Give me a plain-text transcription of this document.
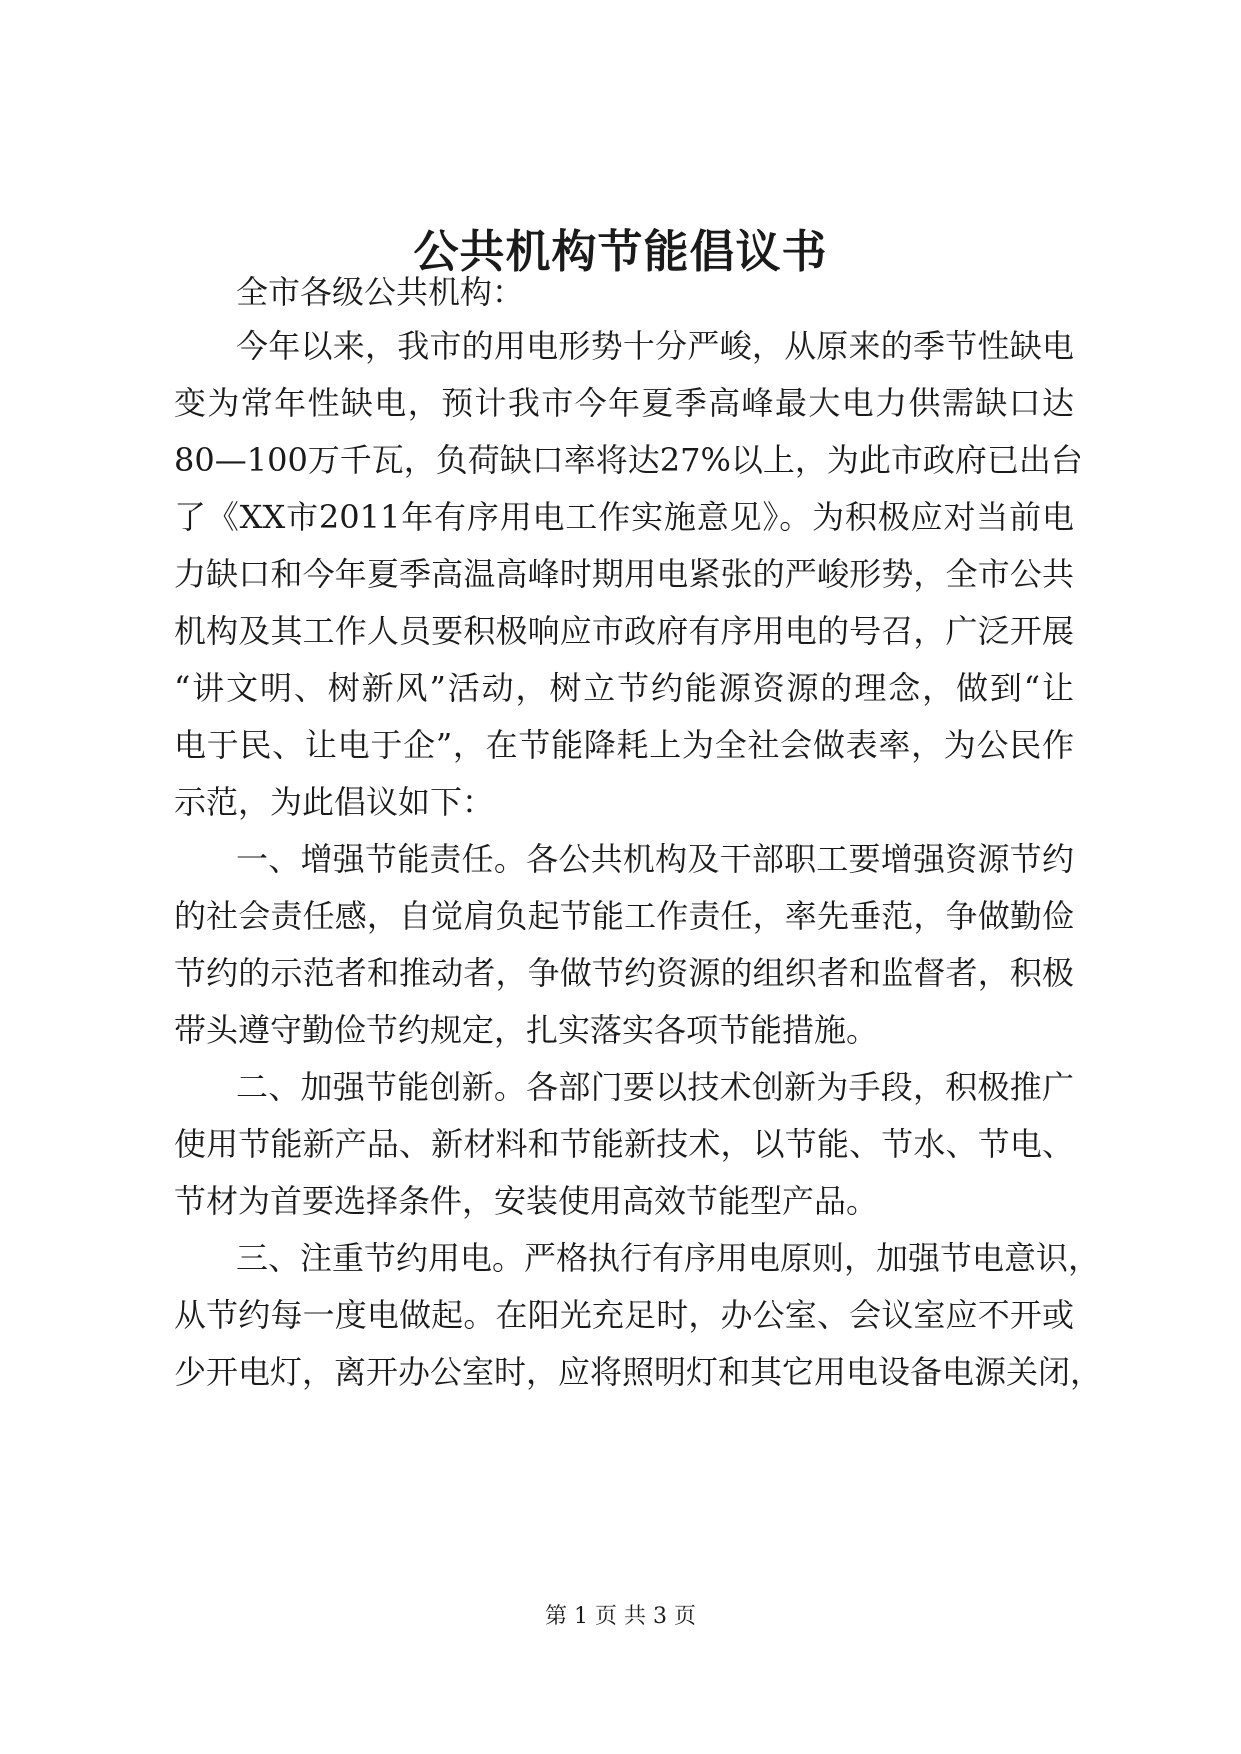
公共机构节能倡议书

全市各级公共机构：

今年以来，我市的用电形势十分严峻，从原来的季节性缺电

变为常年性缺电，预计我市今年夏季高峰最大电力供需缺口达

80—100万千瓦，负荷缺口率将达27%以上，为此市政府已出台

了《XX市2011年有序用电工作实施意见》。为积极应对当前电

力缺口和今年夏季高温高峰时期用电紧张的严峻形势，全市公共

机构及其工作人员要积极响应市政府有序用电的号召，广泛开展

“讲文明、树新风”活动，树立节约能源资源的理念，做到“让

电于民、让电于企”，在节能降耗上为全社会做表率，为公民作

示范，为此倡议如下：

一、增强节能责任。各公共机构及干部职工要增强资源节约

的社会责任感，自觉肩负起节能工作责任，率先垂范，争做勤俭

节约的示范者和推动者，争做节约资源的组织者和监督者，积极

带头遵守勤俭节约规定，扎实落实各项节能措施。

二、加强节能创新。各部门要以技术创新为手段，积极推广

使用节能新产品、新材料和节能新技术，以节能、节水、节电、

节材为首要选择条件，安装使用高效节能型产品。

三、注重节约用电。严格执行有序用电原则，加强节电意识，

从节约每一度电做起。在阳光充足时，办公室、会议室应不开或

少开电灯，离开办公室时，应将照明灯和其它用电设备电源关闭，

第 1 页 共 3 页
